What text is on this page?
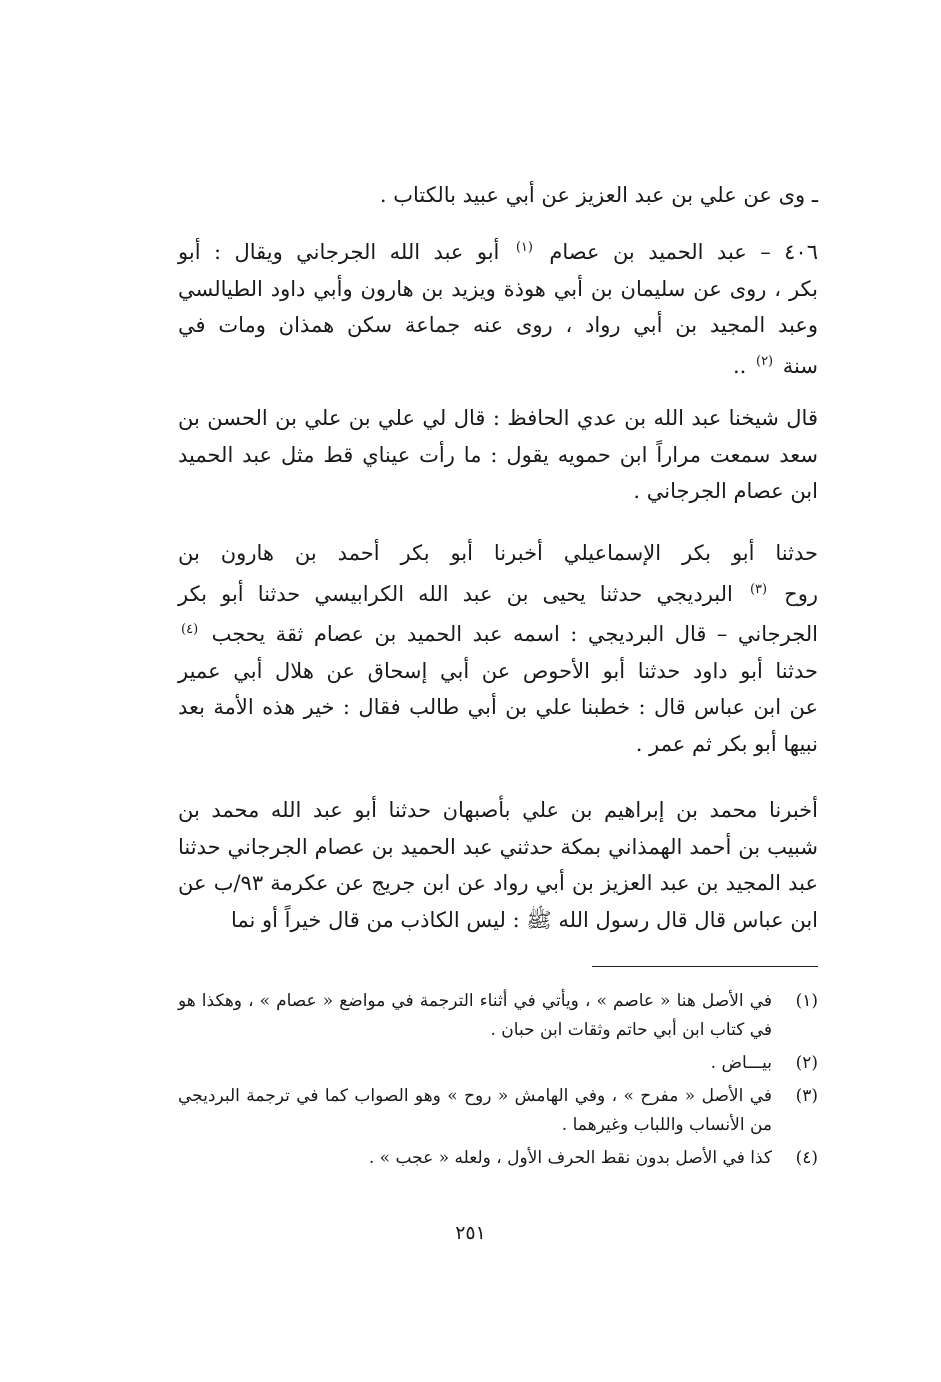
ـ وى عن علي بن عبد العزيز عن أبي عبيد بالكتاب .
٤٠٦ – عبد الحميد بن عصام $^{(١)}$ أبو عبد الله الجرجاني ويقال : أبو
بكر ، روى عن سليمان بن أبي هوذة ويزيد بن هارون وأبي داود الطيالسي
وعبد المجيد بن أبي رواد ، روى عنه جماعة سكن همذان ومات في
سنة $^{(٢)}$ ..
قال شيخنا عبد الله بن عدي الحافظ : قال لي علي بن علي بن الحسن بن
سعد سمعت مراراً ابن حمويه يقول : ما رأت عيناي قط مثل عبد الحميد
ابن عصام الجرجاني .
حدثنا أبو بكر الإسماعيلي أخبرنا أبو بكر أحمد بن هارون بن
روح $^{(٣)}$ البرديجي حدثنا يحيى بن عبد الله الكرابيسي حدثنا أبو بكر
الجرجاني – قال البرديجي : اسمه عبد الحميد بن عصام ثقة يحجب $^{(٤)}$
حدثنا أبو داود حدثنا أبو الأحوص عن أبي إسحاق عن هلال أبي عمير
عن ابن عباس قال : خطبنا علي بن أبي طالب فقال : خير هذه الأمة بعد
نبيها أبو بكر ثم عمر .
أخبرنا محمد بن إبراهيم بن علي بأصبهان حدثنا أبو عبد الله محمد بن
شبيب بن أحمد الهمذاني بمكة حدثني عبد الحميد بن عصام الجرجاني حدثنا
عبد المجيد بن عبد العزيز بن أبي رواد عن ابن جريج عن عكرمة ٩٣/ب عن
ابن عباس قال قال رسول الله ﷺ : ليس الكاذب من قال خيراً أو نما
(١)
في الأصل هنا « عاصم » ، ويأتي في أثناء الترجمة في مواضع « عصام » ، وهكذا هو في كتاب ابن أبي حاتم وثقات ابن حبان .
(٢)
بيـــاض .
(٣)
في الأصل « مفرح » ، وفي الهامش « روح » وهو الصواب كما في ترجمة البرديجي من الأنساب واللباب وغيرهما .
(٤)
كذا في الأصل بدون نقط الحرف الأول ، ولعله « عجب » .
٢٥١
